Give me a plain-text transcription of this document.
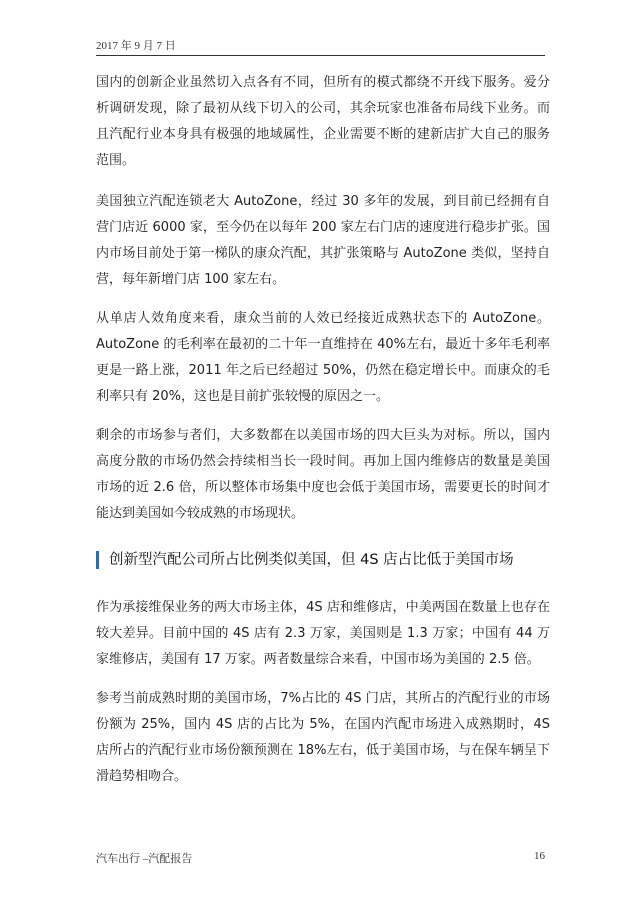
2017 年 9 月 7 日

国内的创新企业虽然切入点各有不同，但所有的模式都绕不开线下服务。爱分析调研发现，除了最初从线下切入的公司，其余玩家也准备布局线下业务。而且汽配行业本身具有极强的地域属性，企业需要不断的建新店扩大自己的服务范围。

美国独立汽配连锁老大 AutoZone，经过 30 多年的发展，到目前已经拥有自营门店近 6000 家，至今仍在以每年 200 家左右门店的速度进行稳步扩张。国内市场目前处于第一梯队的康众汽配，其扩张策略与 AutoZone 类似，坚持自营，每年新增门店 100 家左右。

从单店人效角度来看，康众当前的人效已经接近成熟状态下的 AutoZone。AutoZone 的毛利率在最初的二十年一直维持在 40%左右，最近十多年毛利率更是一路上涨，2011 年之后已经超过 50%，仍然在稳定增长中。而康众的毛利率只有 20%，这也是目前扩张较慢的原因之一。

剩余的市场参与者们，大多数都在以美国市场的四大巨头为对标。所以，国内高度分散的市场仍然会持续相当长一段时间。再加上国内维修店的数量是美国市场的近 2.6 倍，所以整体市场集中度也会低于美国市场，需要更长的时间才能达到美国如今较成熟的市场现状。

创新型汽配公司所占比例类似美国，但 4S 店占比低于美国市场

作为承接维保业务的两大市场主体，4S 店和维修店，中美两国在数量上也存在较大差异。目前中国的 4S 店有 2.3 万家，美国则是 1.3 万家；中国有 44 万家维修店，美国有 17 万家。两者数量综合来看，中国市场为美国的 2.5 倍。

参考当前成熟时期的美国市场，7%占比的 4S 门店，其所占的汽配行业的市场份额为 25%，国内 4S 店的占比为 5%，在国内汽配市场进入成熟期时，4S 店所占的汽配行业市场份额预测在 18%左右，低于美国市场，与在保车辆呈下滑趋势相吻合。

汽车出行 –汽配报告	16
